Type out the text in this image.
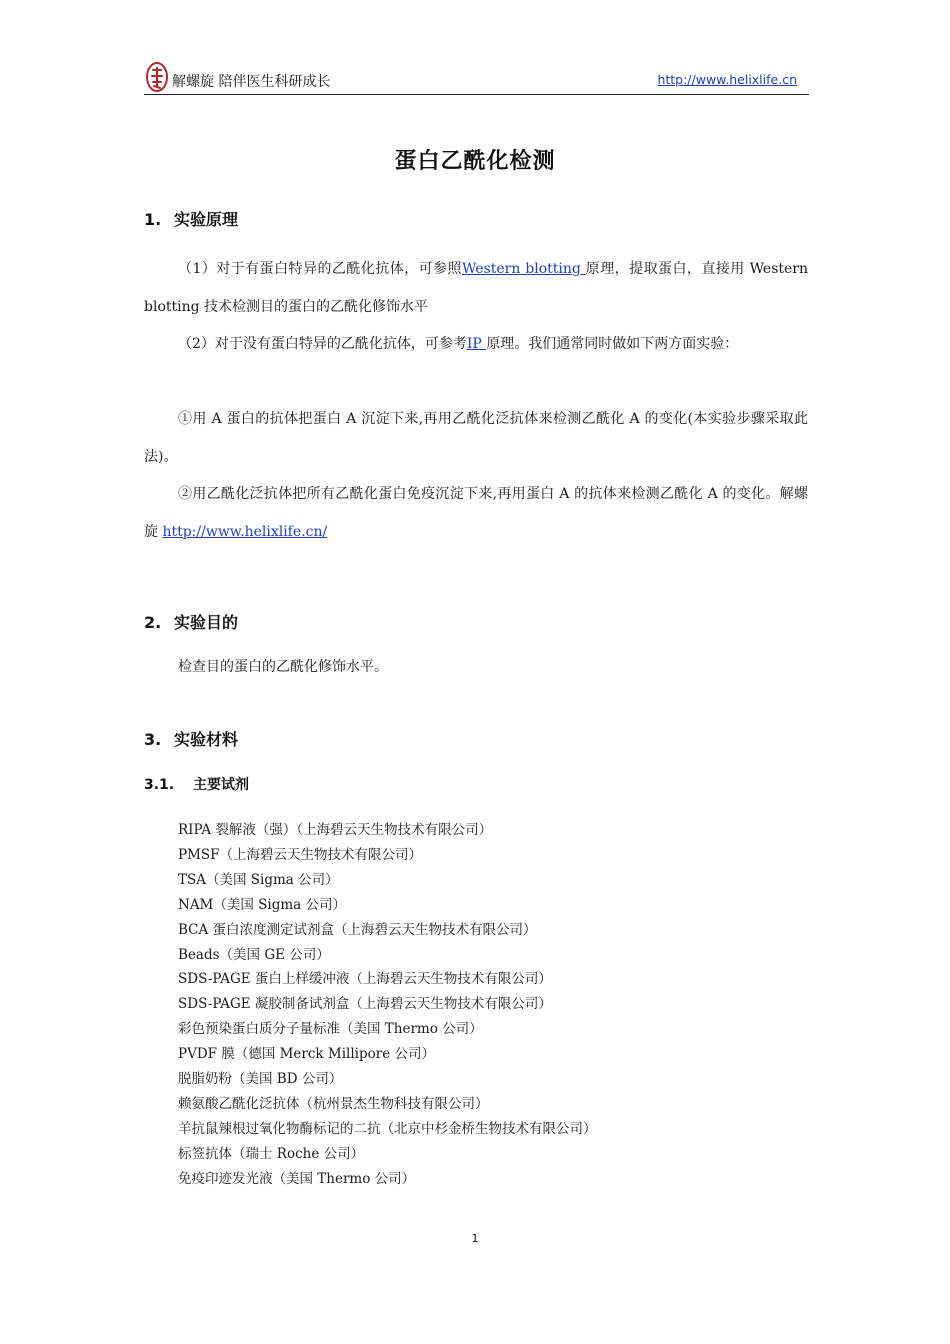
解螺旋 陪伴医生科研成长	http://www.helixlife.cn
蛋白乙酰化检测
1. 实验原理
（1）对于有蛋白特异的乙酰化抗体，可参照Western blotting 原理，提取蛋白，直接用 Western blotting 技术检测目的蛋白的乙酰化修饰水平
（2）对于没有蛋白特异的乙酰化抗体，可参考IP 原理。我们通常同时做如下两方面实验：
①用 A 蛋白的抗体把蛋白 A 沉淀下来,再用乙酰化泛抗体来检测乙酰化 A 的变化(本实验步骤采取此法)。
②用乙酰化泛抗体把所有乙酰化蛋白免疫沉淀下来,再用蛋白 A 的抗体来检测乙酰化 A 的变化。解螺旋 http://www.helixlife.cn/
2. 实验目的
检查目的蛋白的乙酰化修饰水平。
3. 实验材料
3.1. 主要试剂
RIPA 裂解液（强）（上海碧云天生物技术有限公司）
PMSF（上海碧云天生物技术有限公司）
TSA（美国 Sigma 公司）
NAM（美国 Sigma 公司）
BCA 蛋白浓度测定试剂盒（上海碧云天生物技术有限公司）
Beads（美国 GE 公司）
SDS-PAGE 蛋白上样缓冲液（上海碧云天生物技术有限公司）
SDS-PAGE 凝胶制备试剂盒（上海碧云天生物技术有限公司）
彩色预染蛋白质分子量标准（美国 Thermo 公司）
PVDF 膜（德国 Merck Millipore 公司）
脱脂奶粉（美国 BD 公司）
赖氨酸乙酰化泛抗体（杭州景杰生物科技有限公司）
羊抗鼠辣根过氧化物酶标记的二抗（北京中杉金桥生物技术有限公司）
标签抗体（瑞士 Roche 公司）
免疫印迹发光液（美国 Thermo 公司）
1
